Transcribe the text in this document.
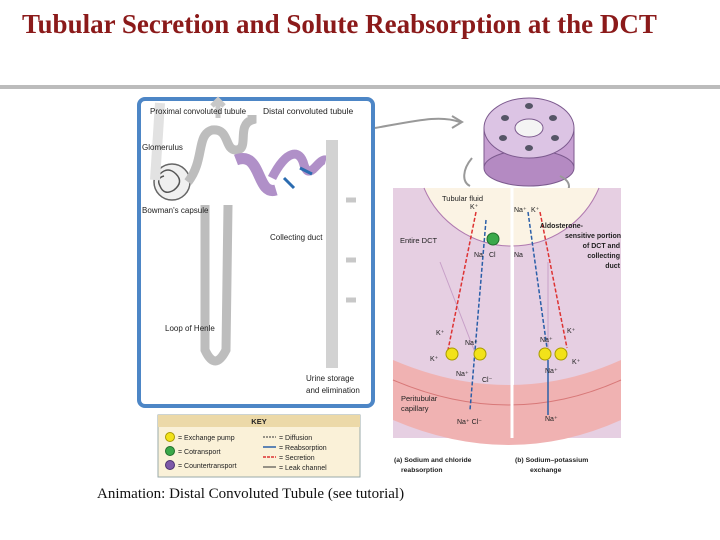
Tubular Secretion and Solute Reabsorption at the DCT
Proximal convoluted tubule Distal convoluted tubule
Glomerulus
Bowman's capsule
Collecting duct
Loop of Henle
Urine storage
and elimination
Tubular fluid
Entire DCT
Aldosterone-
sensitive portion
of DCT and
collecting
duct
Peritubular
capillary
Na⁺ K⁺
K⁺
Na Cl	Na
K⁺
Na⁺
K⁺
Na⁺
Cl⁻
Na⁺ Cl⁻
Na⁺
K⁺
K⁺
Na⁺
Na⁺
(a) Sodium and chloride
reabsorption
(b) Sodium–potassium
exchange
KEY
= Exchange pump
= Cotransport
= Countertransport
= Diffusion
= Reabsorption
= Secretion
= Leak channel
Animation: Distal Convoluted Tubule (see tutorial)
